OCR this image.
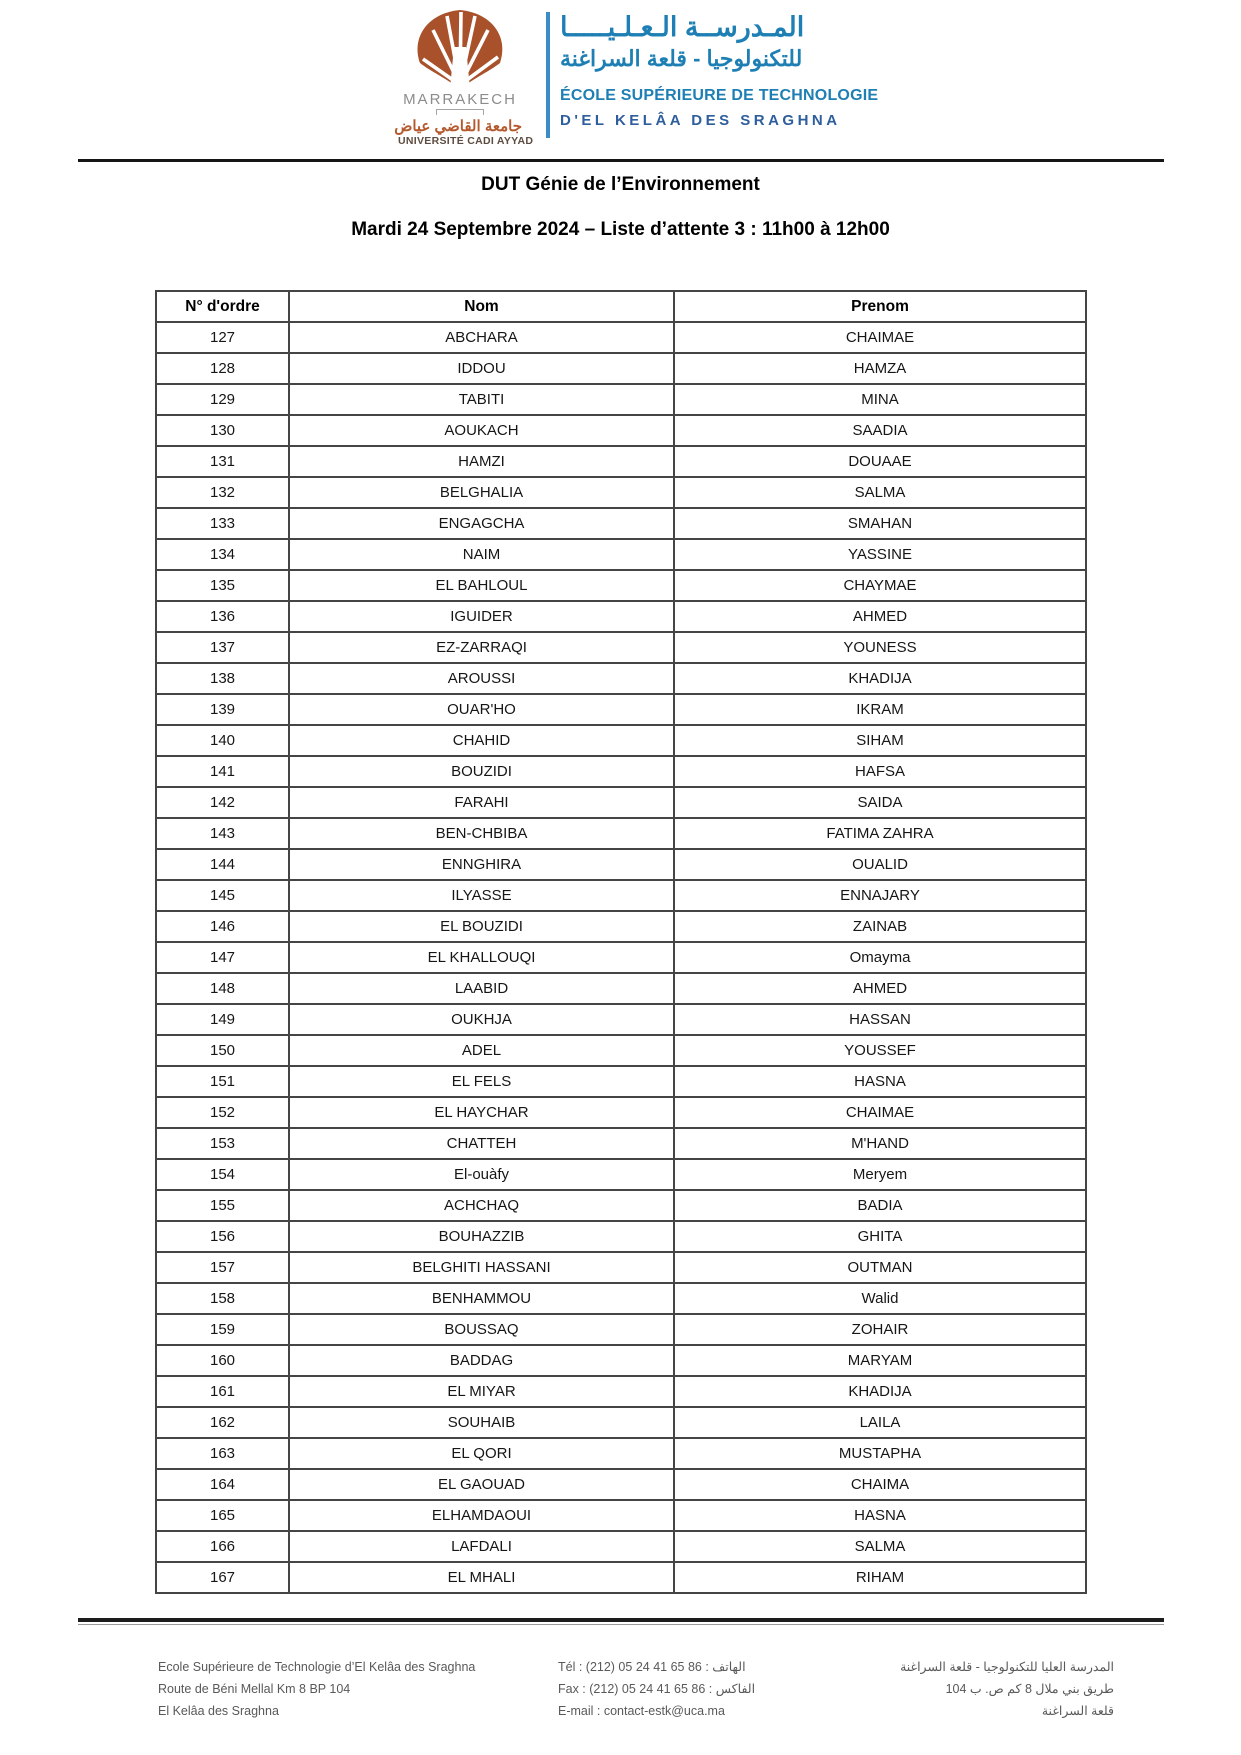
MARRAKECH
جامعة القاضي عياض
UNIVERSITÉ CADI AYYAD
المـدرســة الـعـلـيـــــا
للتكنولوجيا - قلعة السراغنة
ÉCOLE SUPÉRIEURE DE TECHNOLOGIE
D'EL KELÂA DES SRAGHNA
DUT Génie de l’Environnement
Mardi 24 Septembre 2024 – Liste d’attente 3 : 11h00 à 12h00
N° d'ordre	Nom	Prenom
127	ABCHARA	CHAIMAE
128	IDDOU	HAMZA
129	TABITI	MINA
130	AOUKACH	SAADIA
131	HAMZI	DOUAAE
132	BELGHALIA	SALMA
133	ENGAGCHA	SMAHAN
134	NAIM	YASSINE
135	EL BAHLOUL	CHAYMAE
136	IGUIDER	AHMED
137	EZ-ZARRAQI	YOUNESS
138	AROUSSI	KHADIJA
139	OUAR'HO	IKRAM
140	CHAHID	SIHAM
141	BOUZIDI	HAFSA
142	FARAHI	SAIDA
143	BEN-CHBIBA	FATIMA ZAHRA
144	ENNGHIRA	OUALID
145	ILYASSE	ENNAJARY
146	EL BOUZIDI	ZAINAB
147	EL KHALLOUQI	Omayma
148	LAABID	AHMED
149	OUKHJA	HASSAN
150	ADEL	YOUSSEF
151	EL FELS	HASNA
152	EL HAYCHAR	CHAIMAE
153	CHATTEH	M'HAND
154	El-ouàfy	Meryem
155	ACHCHAQ	BADIA
156	BOUHAZZIB	GHITA
157	BELGHITI HASSANI	OUTMAN
158	BENHAMMOU	Walid
159	BOUSSAQ	ZOHAIR
160	BADDAG	MARYAM
161	EL MIYAR	KHADIJA
162	SOUHAIB	LAILA
163	EL QORI	MUSTAPHA
164	EL GAOUAD	CHAIMA
165	ELHAMDAOUI	HASNA
166	LAFDALI	SALMA
167	EL MHALI	RIHAM
Ecole Supérieure de Technologie d’El Kelâa des Sraghna
Route de Béni Mellal Km 8 BP 104
El Kelâa des Sraghna
Tél : (212) 05 24 41 65 86 : الهاتف
Fax : (212) 05 24 41 65 86 : الفاكس
E-mail : contact-estk@uca.ma
المدرسة العليا للتكنولوجيا - قلعة السراغنة
طريق بني ملال 8 كم ص. ب 104
قلعة السراغنة
